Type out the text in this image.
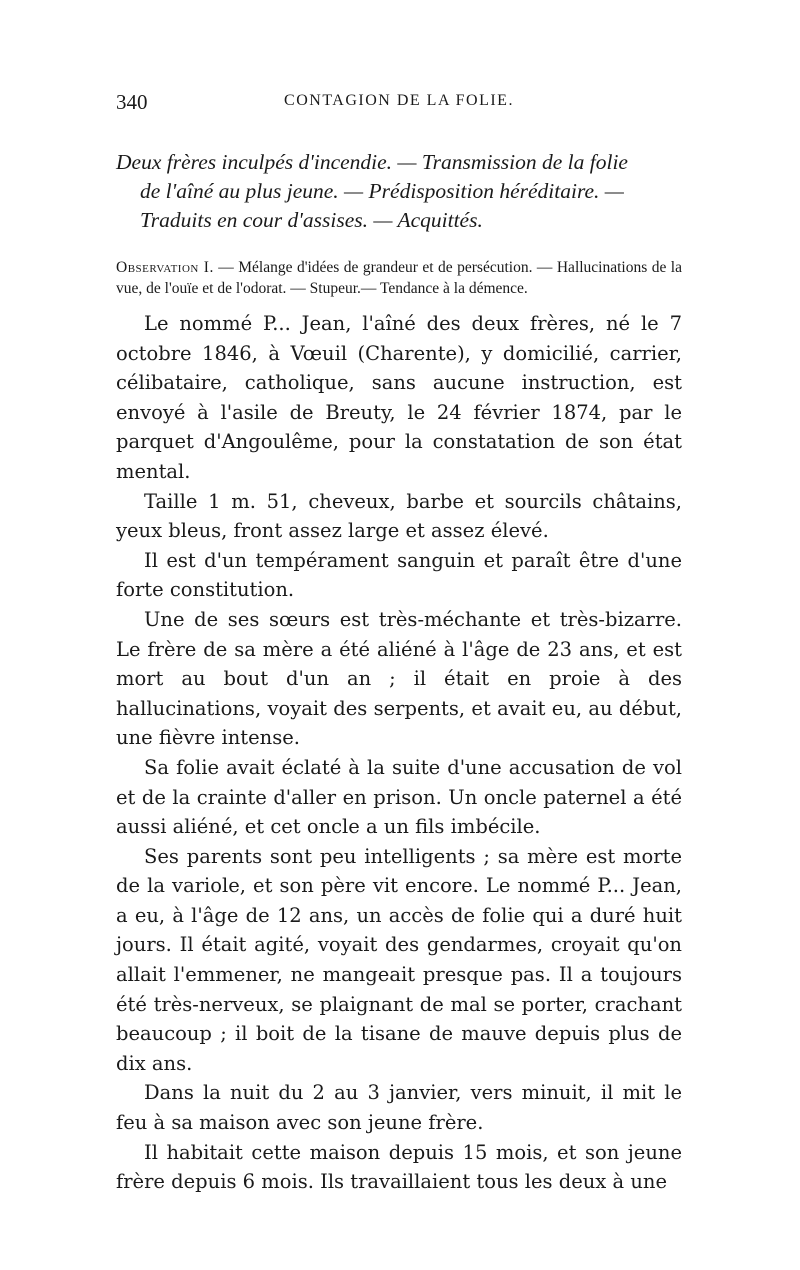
340	CONTAGION DE LA FOLIE.
Deux frères inculpés d'incendie. — Transmission de la folie
de l'aîné au plus jeune. — Prédisposition héréditaire. —
Traduits en cour d'assises. — Acquittés.
Observation I. — Mélange d'idées de grandeur et de persécution. — Hallucinations de la vue, de l'ouïe et de l'odorat. — Stupeur.— Tendance à la démence.

Le nommé P... Jean, l'aîné des deux frères, né le 7 octobre 1846, à Vœuil (Charente), y domicilié, carrier, célibataire, catholique, sans aucune instruction, est envoyé à l'asile de Breuty, le 24 février 1874, par le parquet d'Angoulême, pour la constatation de son état mental.

Taille 1 m. 51, cheveux, barbe et sourcils châtains, yeux bleus, front assez large et assez élevé.

Il est d'un tempérament sanguin et paraît être d'une forte constitution.

Une de ses sœurs est très-méchante et très-bizarre. Le frère de sa mère a été aliéné à l'âge de 23 ans, et est mort au bout d'un an ; il était en proie à des hallucinations, voyait des serpents, et avait eu, au début, une fièvre intense.

Sa folie avait éclaté à la suite d'une accusation de vol et de la crainte d'aller en prison. Un oncle paternel a été aussi aliéné, et cet oncle a un fils imbécile.

Ses parents sont peu intelligents ; sa mère est morte de la variole, et son père vit encore. Le nommé P... Jean, a eu, à l'âge de 12 ans, un accès de folie qui a duré huit jours. Il était agité, voyait des gendarmes, croyait qu'on allait l'emmener, ne mangeait presque pas. Il a toujours été très-nerveux, se plaignant de mal se porter, crachant beaucoup ; il boit de la tisane de mauve depuis plus de dix ans.

Dans la nuit du 2 au 3 janvier, vers minuit, il mit le feu à sa maison avec son jeune frère.

Il habitait cette maison depuis 15 mois, et son jeune frère depuis 6 mois. Ils travaillaient tous les deux à une
